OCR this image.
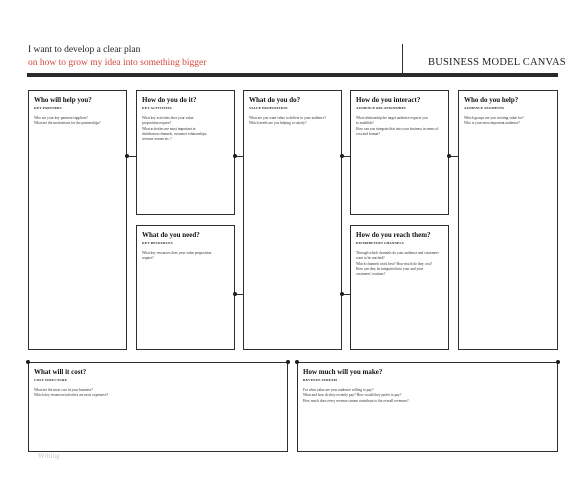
I want to develop a clear plan
on how to grow my idea into something bigger	BUSINESS MODEL CANVAS
Who will help you?
KEY PARTNERS
Who are your key partners/suppliers?
What are the motivations for the partnerships?
How do you do it?
KEY ACTIVITIES
What key activities does your value
proposition require?
What activities are most important in
distribution channels, customer relationships,
revenue stream etc.?
What do you need?
KEY RESOURCES
What key resources does your value proposition
require?
What do you do?
VALUE PROPOSITION
What are you want value to deliver to your audience?
Which needs are you helping to satisfy?
How do you interact?
AUDIENCE RELATIONSHIPS
What relationship the target audience expects you
to establish?
How can you integrate that into your business in terms of
cost and format?
How do you reach them?
DISTRIBUTION CHANNELS
Through which channels do your audience and customers
want to be reached?
Which channels work best? How much do they cost?
How can they be integrated into your and your
customers' routines?
Who do you help?
AUDIENCE SEGMENTS
Which groups are you creating value for?
Who is your most important audience?
What will it cost?
COST STRUCTURE
What are the most cost in your business?
Which key resources/activities are most expensive?
How much will you make?
REVENUE STREAM
For what value are your audience willing to pay?
What and how do they recently pay? How would they prefer to pay?
How much does every revenue stream contribute to the overall revenues?
Writing
